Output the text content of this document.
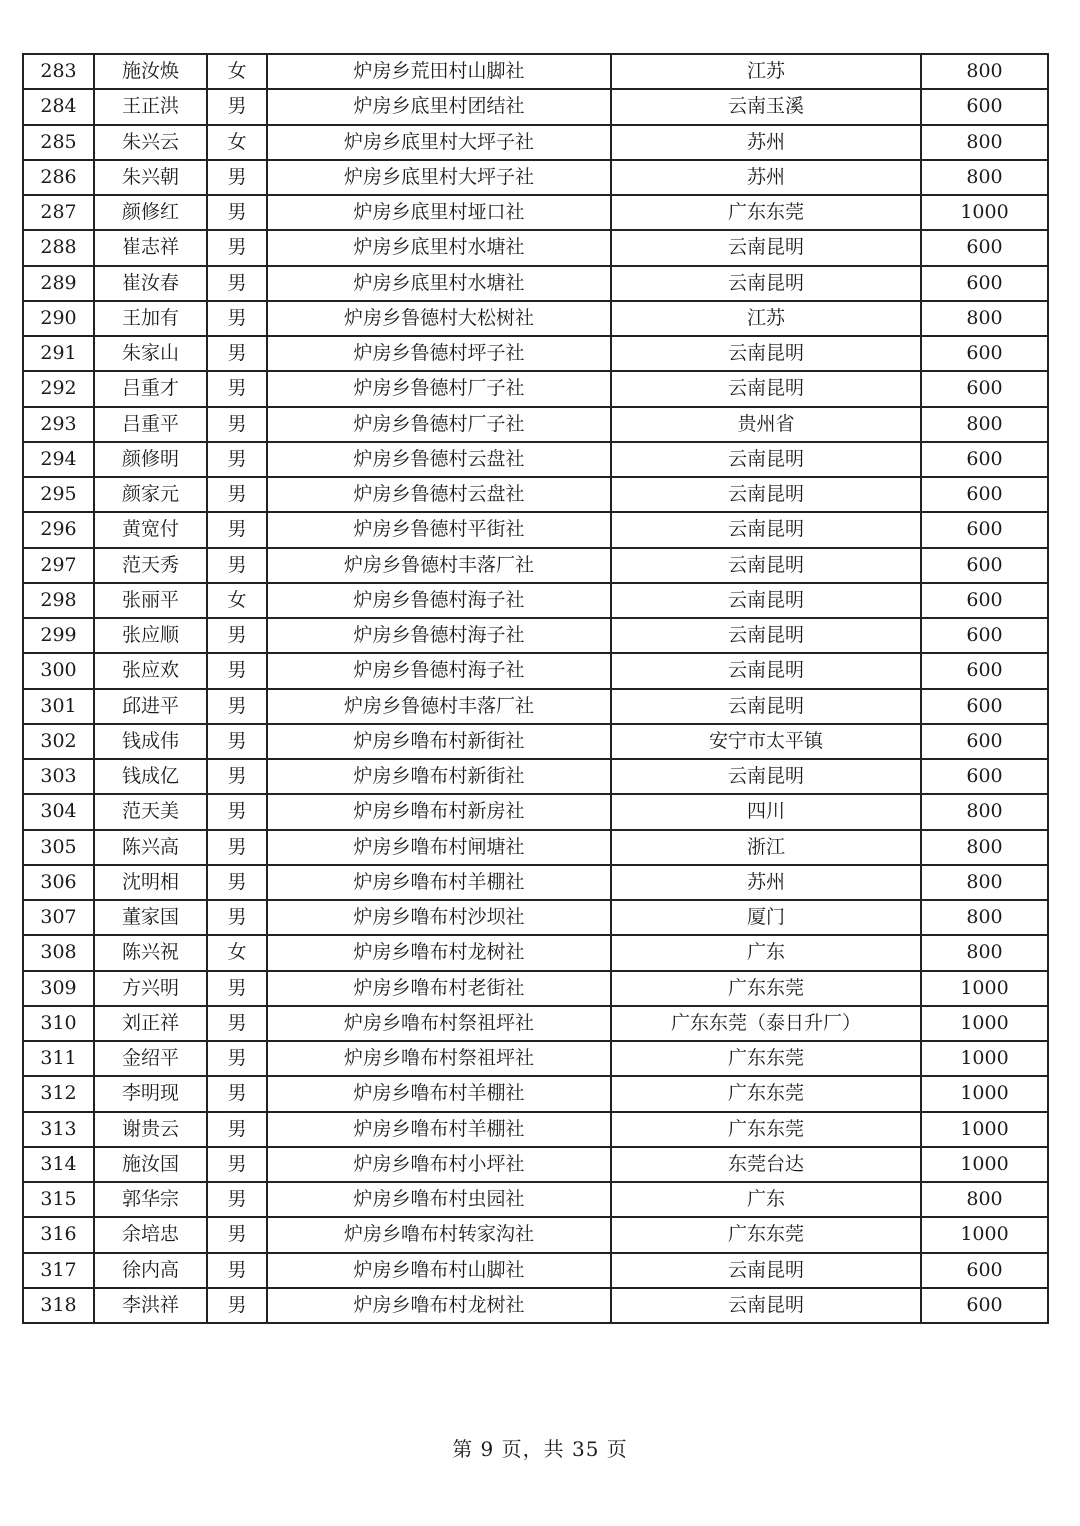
283	施汝焕	女	炉房乡荒田村山脚社	江苏	800
284	王正洪	男	炉房乡底里村团结社	云南玉溪	600
285	朱兴云	女	炉房乡底里村大坪子社	苏州	800
286	朱兴朝	男	炉房乡底里村大坪子社	苏州	800
287	颜修红	男	炉房乡底里村垭口社	广东东莞	1000
288	崔志祥	男	炉房乡底里村水塘社	云南昆明	600
289	崔汝春	男	炉房乡底里村水塘社	云南昆明	600
290	王加有	男	炉房乡鲁德村大松树社	江苏	800
291	朱家山	男	炉房乡鲁德村坪子社	云南昆明	600
292	吕重才	男	炉房乡鲁德村厂子社	云南昆明	600
293	吕重平	男	炉房乡鲁德村厂子社	贵州省	800
294	颜修明	男	炉房乡鲁德村云盘社	云南昆明	600
295	颜家元	男	炉房乡鲁德村云盘社	云南昆明	600
296	黄宽付	男	炉房乡鲁德村平街社	云南昆明	600
297	范天秀	男	炉房乡鲁德村丰落厂社	云南昆明	600
298	张丽平	女	炉房乡鲁德村海子社	云南昆明	600
299	张应顺	男	炉房乡鲁德村海子社	云南昆明	600
300	张应欢	男	炉房乡鲁德村海子社	云南昆明	600
301	邱进平	男	炉房乡鲁德村丰落厂社	云南昆明	600
302	钱成伟	男	炉房乡噜布村新街社	安宁市太平镇	600
303	钱成亿	男	炉房乡噜布村新街社	云南昆明	600
304	范天美	男	炉房乡噜布村新房社	四川	800
305	陈兴高	男	炉房乡噜布村闸塘社	浙江	800
306	沈明相	男	炉房乡噜布村羊棚社	苏州	800
307	董家国	男	炉房乡噜布村沙坝社	厦门	800
308	陈兴祝	女	炉房乡噜布村龙树社	广东	800
309	方兴明	男	炉房乡噜布村老街社	广东东莞	1000
310	刘正祥	男	炉房乡噜布村祭祖坪社	广东东莞（泰日升厂）	1000
311	金绍平	男	炉房乡噜布村祭祖坪社	广东东莞	1000
312	李明现	男	炉房乡噜布村羊棚社	广东东莞	1000
313	谢贵云	男	炉房乡噜布村羊棚社	广东东莞	1000
314	施汝国	男	炉房乡噜布村小坪社	东莞台达	1000
315	郭华宗	男	炉房乡噜布村虫园社	广东	800
316	余培忠	男	炉房乡噜布村转家沟社	广东东莞	1000
317	徐内高	男	炉房乡噜布村山脚社	云南昆明	600
318	李洪祥	男	炉房乡噜布村龙树社	云南昆明	600
第 9 页，共 35 页
